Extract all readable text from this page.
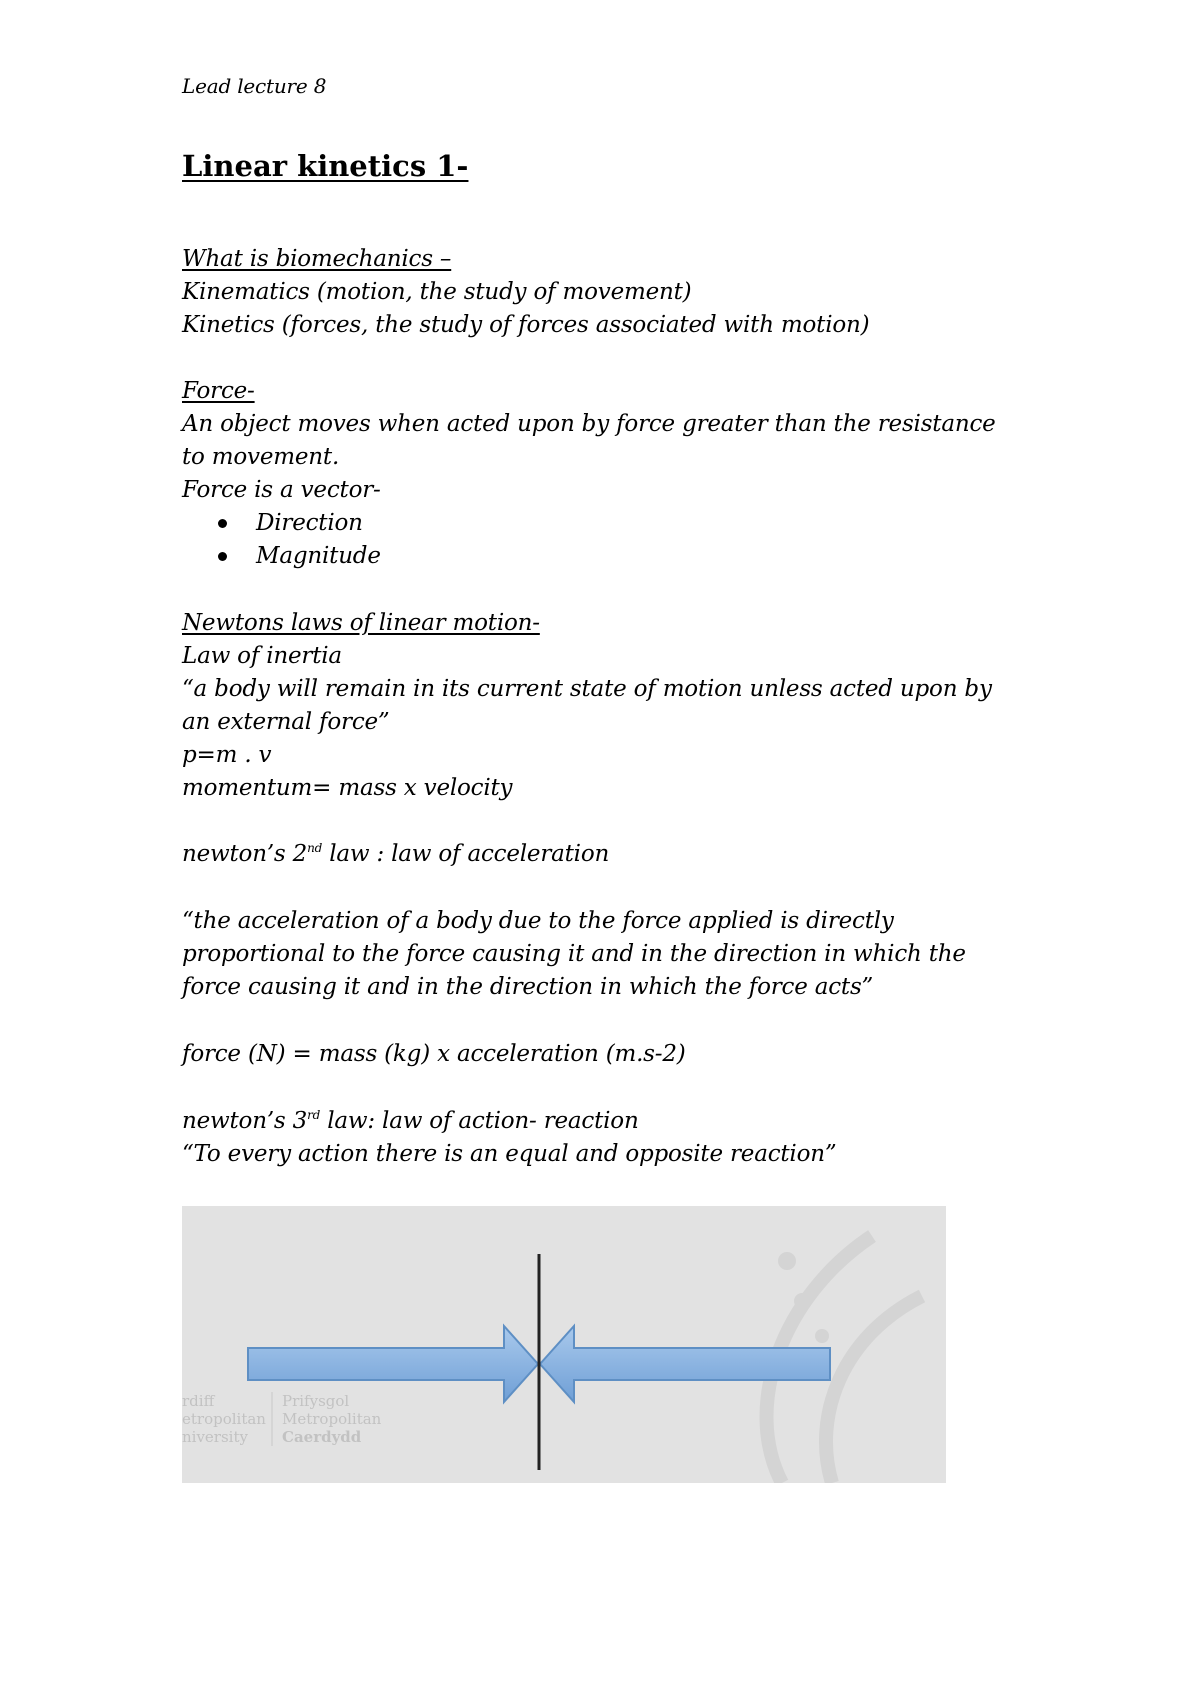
Lead lecture 8
Linear kinetics 1-
What is biomechanics –
Kinematics (motion, the study of movement)
Kinetics (forces, the study of forces associated with motion)
Force-
An object moves when acted upon by force greater than the resistance
to movement.
Force is a vector-
Direction
Magnitude
Newtons laws of linear motion-
Law of inertia
“a body will remain in its current state of motion unless acted upon by
an external force”
p=m . v
momentum= mass x velocity
newton’s 2nd law : law of acceleration
“the acceleration of a body due to the force applied is directly
proportional to the force causing it and in the direction in which the
force causing it and in the direction in which the force acts”
force (N) = mass (kg) x acceleration (m.s-2)
newton’s 3rd law: law of action- reaction
“To every action there is an equal and opposite reaction”
rdiff
etropolitan
niversity
Prifysgol
Metropolitan
Caerdydd
